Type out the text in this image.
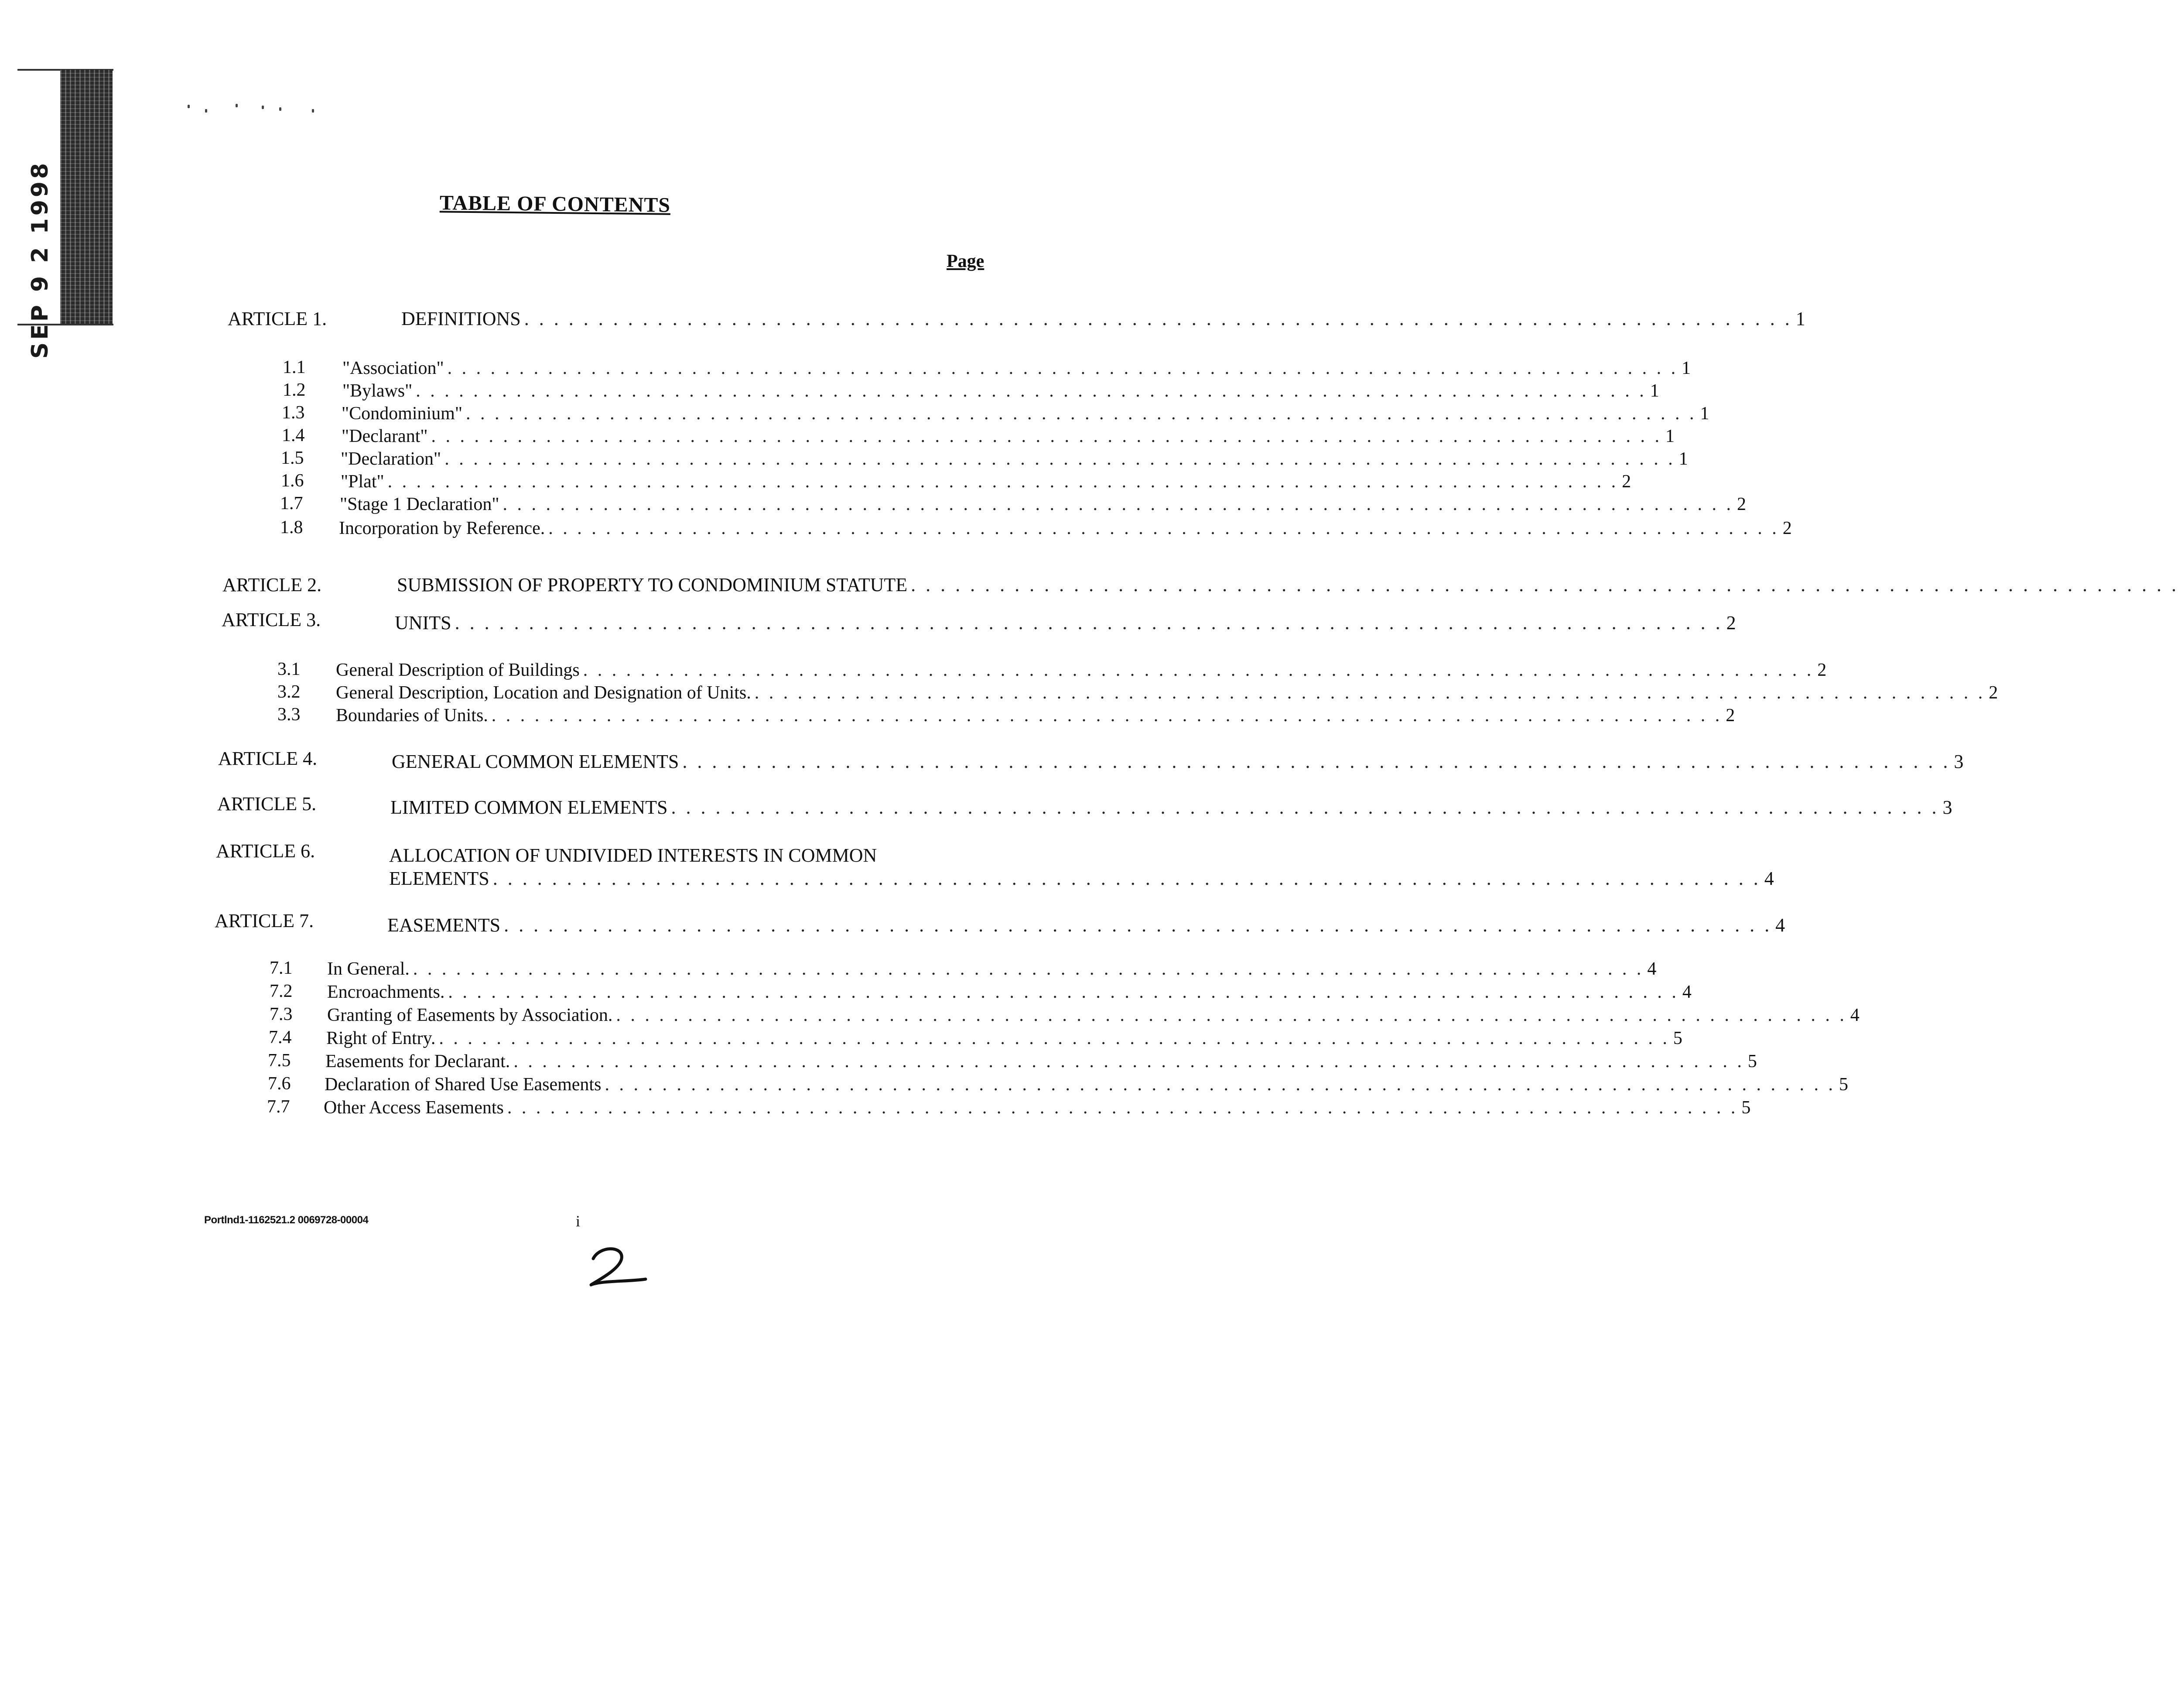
SEP 9 2 1998	TABLE OF CONTENTS
Page
ARTICLE 1.	DEFINITIONS . . . . . . . . . . . . . . . . . . . . . . . . . . . . . . . . . . . . . . . . . . . . . . . . . . . . . . . . . . . . . . . . . . . . . . . . . . . . . . . . . . . . . . 1
1.1 "Association" . . . . . . . . . . . . . . . . . . . . . . . . . . . . . . . . . . . . . . . . . . . . . . . . . . . . . . . . . . . . . . . . . . . . . . . . . . . . . . . . . . . . . . 1
1.2 "Bylaws" . . . . . . . . . . . . . . . . . . . . . . . . . . . . . . . . . . . . . . . . . . . . . . . . . . . . . . . . . . . . . . . . . . . . . . . . . . . . . . . . . . . . . . 1
1.3 "Condominium" . . . . . . . . . . . . . . . . . . . . . . . . . . . . . . . . . . . . . . . . . . . . . . . . . . . . . . . . . . . . . . . . . . . . . . . . . . . . . . . . . . . . . . 1
1.4 "Declarant" . . . . . . . . . . . . . . . . . . . . . . . . . . . . . . . . . . . . . . . . . . . . . . . . . . . . . . . . . . . . . . . . . . . . . . . . . . . . . . . . . . . . . . 1
1.5 "Declaration" . . . . . . . . . . . . . . . . . . . . . . . . . . . . . . . . . . . . . . . . . . . . . . . . . . . . . . . . . . . . . . . . . . . . . . . . . . . . . . . . . . . . . . 1
1.6 "Plat" . . . . . . . . . . . . . . . . . . . . . . . . . . . . . . . . . . . . . . . . . . . . . . . . . . . . . . . . . . . . . . . . . . . . . . . . . . . . . . . . . . . . . . 2
1.7 "Stage 1 Declaration" . . . . . . . . . . . . . . . . . . . . . . . . . . . . . . . . . . . . . . . . . . . . . . . . . . . . . . . . . . . . . . . . . . . . . . . . . . . . . . . . . . . . . . 2
1.8 Incorporation by Reference. . . . . . . . . . . . . . . . . . . . . . . . . . . . . . . . . . . . . . . . . . . . . . . . . . . . . . . . . . . . . . . . . . . . . . . . . . . . . . . . . . . . . . . 2
ARTICLE 2.	SUBMISSION OF PROPERTY TO CONDOMINIUM STATUTE . . . . . . . . . . . . . . . . . . . . . . . . . . . . . . . . . . . . . . . . . . . . . . . . . . . . . . . . . . . . . . . . . . . . . . . . . . . . . . . . . . . . . .
ARTICLE 3.	UNITS . . . . . . . . . . . . . . . . . . . . . . . . . . . . . . . . . . . . . . . . . . . . . . . . . . . . . . . . . . . . . . . . . . . . . . . . . . . . . . . . . . . . . . 2
3.1 General Description of Buildings . . . . . . . . . . . . . . . . . . . . . . . . . . . . . . . . . . . . . . . . . . . . . . . . . . . . . . . . . . . . . . . . . . . . . . . . . . . . . . . . . . . . . . 2
3.2 General Description, Location and Designation of Units. . . . . . . . . . . . . . . . . . . . . . . . . . . . . . . . . . . . . . . . . . . . . . . . . . . . . . . . . . . . . . . . . . . . . . . . . . . . . . . . . . . . . . . 2
3.3 Boundaries of Units. . . . . . . . . . . . . . . . . . . . . . . . . . . . . . . . . . . . . . . . . . . . . . . . . . . . . . . . . . . . . . . . . . . . . . . . . . . . . . . . . . . . . . . 2
ARTICLE 4.	GENERAL COMMON ELEMENTS . . . . . . . . . . . . . . . . . . . . . . . . . . . . . . . . . . . . . . . . . . . . . . . . . . . . . . . . . . . . . . . . . . . . . . . . . . . . . . . . . . . . . . 3
ARTICLE 5.	LIMITED COMMON ELEMENTS . . . . . . . . . . . . . . . . . . . . . . . . . . . . . . . . . . . . . . . . . . . . . . . . . . . . . . . . . . . . . . . . . . . . . . . . . . . . . . . . . . . . . . 3
ARTICLE 6.	ALLOCATION OF UNDIVIDED INTERESTS IN COMMON
ELEMENTS . . . . . . . . . . . . . . . . . . . . . . . . . . . . . . . . . . . . . . . . . . . . . . . . . . . . . . . . . . . . . . . . . . . . . . . . . . . . . . . . . . . . . . 4
ARTICLE 7.	EASEMENTS . . . . . . . . . . . . . . . . . . . . . . . . . . . . . . . . . . . . . . . . . . . . . . . . . . . . . . . . . . . . . . . . . . . . . . . . . . . . . . . . . . . . . . 4
7.1 In General. . . . . . . . . . . . . . . . . . . . . . . . . . . . . . . . . . . . . . . . . . . . . . . . . . . . . . . . . . . . . . . . . . . . . . . . . . . . . . . . . . . . . . . 4
7.2 Encroachments. . . . . . . . . . . . . . . . . . . . . . . . . . . . . . . . . . . . . . . . . . . . . . . . . . . . . . . . . . . . . . . . . . . . . . . . . . . . . . . . . . . . . . . 4
7.3 Granting of Easements by Association. . . . . . . . . . . . . . . . . . . . . . . . . . . . . . . . . . . . . . . . . . . . . . . . . . . . . . . . . . . . . . . . . . . . . . . . . . . . . . . . . . . . . . . 4
7.4 Right of Entry. . . . . . . . . . . . . . . . . . . . . . . . . . . . . . . . . . . . . . . . . . . . . . . . . . . . . . . . . . . . . . . . . . . . . . . . . . . . . . . . . . . . . . . 5
7.5 Easements for Declarant. . . . . . . . . . . . . . . . . . . . . . . . . . . . . . . . . . . . . . . . . . . . . . . . . . . . . . . . . . . . . . . . . . . . . . . . . . . . . . . . . . . . . . . 5
7.6 Declaration of Shared Use Easements . . . . . . . . . . . . . . . . . . . . . . . . . . . . . . . . . . . . . . . . . . . . . . . . . . . . . . . . . . . . . . . . . . . . . . . . . . . . . . . . . . . . . . 5
7.7 Other Access Easements . . . . . . . . . . . . . . . . . . . . . . . . . . . . . . . . . . . . . . . . . . . . . . . . . . . . . . . . . . . . . . . . . . . . . . . . . . . . . . . . . . . . . . 5
Portlnd1-1162521.2 0069728-00004	i
